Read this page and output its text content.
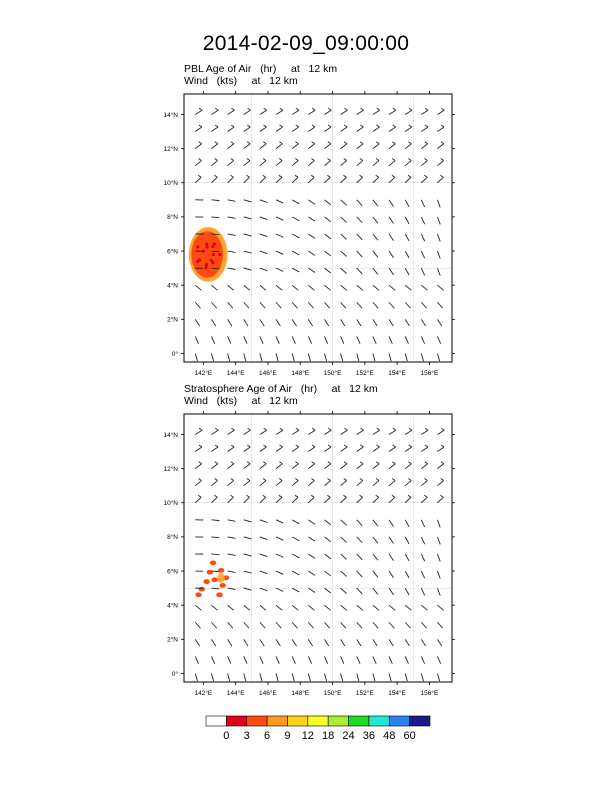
2014-02-09_09:00:00
PBL Age of Air   (hr)     at   12 km
Wind   (kts)     at   12 km
Stratosphere Age of Air   (hr)     at   12 km
Wind   (kts)     at   12 km
142°E 144°E 146°E 148°E 150°E 152°E 154°E 156°E
0°
2°N
4°N
6°N
8°N
10°N
12°N
14°N
142°E 144°E 146°E 148°E 150°E 152°E 154°E 156°E
0°
2°N
4°N
6°N
8°N
10°N
12°N
14°N
0 3 6 9 12 18 24 36 48 60
